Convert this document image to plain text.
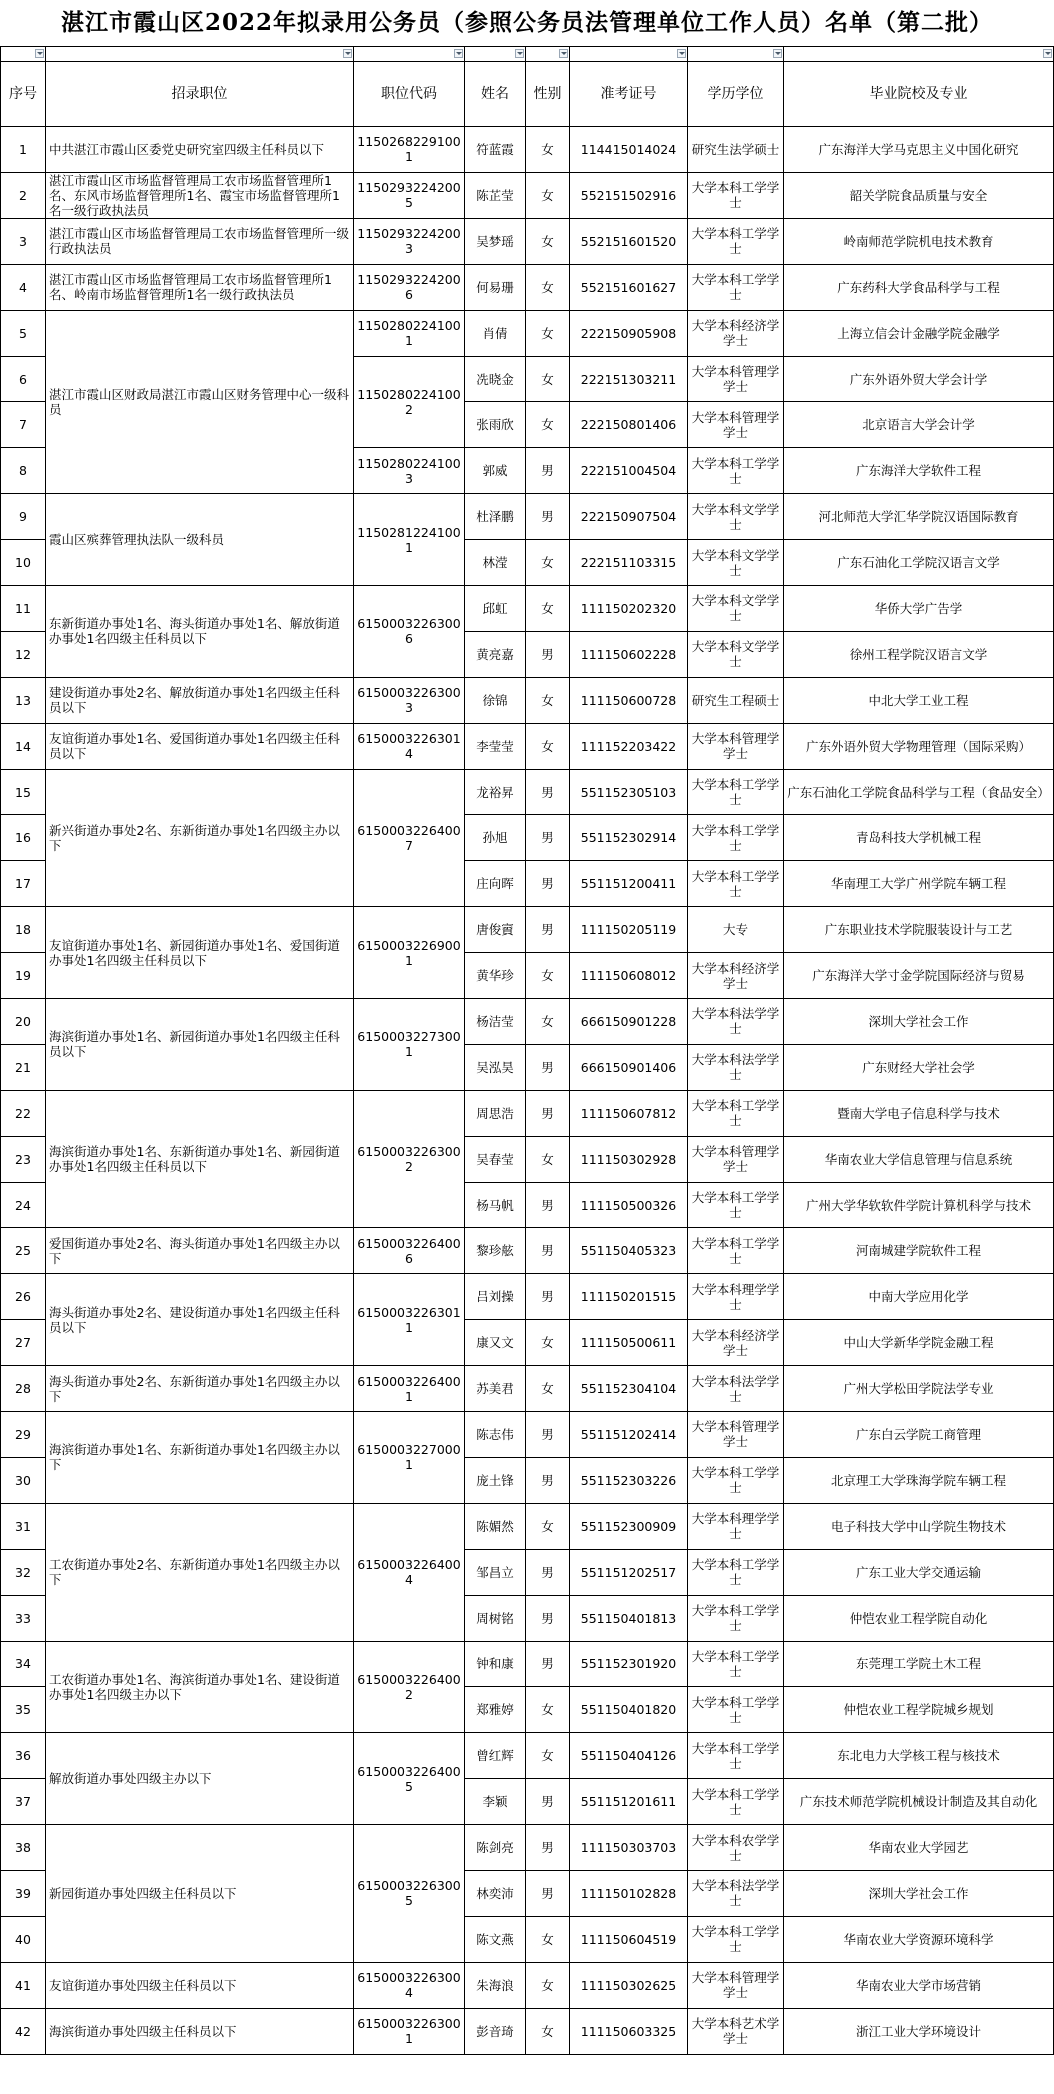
湛江市霞山区2022年拟录用公务员（参照公务员法管理单位工作人员）名单（第二批）

序号	招录职位	职位代码	姓名	性别	准考证号	学历学位	毕业院校及专业
1	中共湛江市霞山区委党史研究室四级主任科员以下	11502682291001	符蓝霞	女	114415014024	研究生法学硕士	广东海洋大学马克思主义中国化研究
2	湛江市霞山区市场监督管理局工农市场监督管理所1名、东风市场监督管理所1名、霞宝市场监督管理所1名一级行政执法员	11502932242005	陈芷莹	女	552151502916	大学本科工学学士	韶关学院食品质量与安全
3	湛江市霞山区市场监督管理局工农市场监督管理所一级行政执法员	11502932242003	吴梦瑶	女	552151601520	大学本科工学学士	岭南师范学院机电技术教育
4	湛江市霞山区市场监督管理局工农市场监督管理所1名、岭南市场监督管理所1名一级行政执法员	11502932242006	何易珊	女	552151601627	大学本科工学学士	广东药科大学食品科学与工程
5	湛江市霞山区财政局湛江市霞山区财务管理中心一级科员	11502802241001	肖倩	女	222150905908	大学本科经济学学士	上海立信会计金融学院金融学
6		11502802241002	冼晓金	女	222151303211	大学本科管理学学士	广东外语外贸大学会计学
7			张雨欣	女	222150801406	大学本科管理学学士	北京语言大学会计学
8		11502802241003	郭威	男	222151004504	大学本科工学学士	广东海洋大学软件工程
9	霞山区殡葬管理执法队一级科员	11502812241001	杜泽鹏	男	222150907504	大学本科文学学士	河北师范大学汇华学院汉语国际教育
10			林滢	女	222151103315	大学本科文学学士	广东石油化工学院汉语言文学
11	东新街道办事处1名、海头街道办事处1名、解放街道办事处1名四级主任科员以下	61500032263006	邱虹	女	111150202320	大学本科文学学士	华侨大学广告学
12			黄亮嘉	男	111150602228	大学本科文学学士	徐州工程学院汉语言文学
13	建设街道办事处2名、解放街道办事处1名四级主任科员以下	61500032263003	徐锦	女	111150600728	研究生工程硕士	中北大学工业工程
14	友谊街道办事处1名、爱国街道办事处1名四级主任科员以下	61500032263014	李莹莹	女	111152203422	大学本科管理学学士	广东外语外贸大学物理管理（国际采购）
15	新兴街道办事处2名、东新街道办事处1名四级主办以下	61500032264007	龙裕昇	男	551152305103	大学本科工学学士	广东石油化工学院食品科学与工程（食品安全）
16			孙旭	男	551152302914	大学本科工学学士	青岛科技大学机械工程
17			庄向晖	男	551151200411	大学本科工学学士	华南理工大学广州学院车辆工程
18	友谊街道办事处1名、新园街道办事处1名、爱国街道办事处1名四级主任科员以下	61500032269001	唐俊賨	男	111150205119	大专	广东职业技术学院服装设计与工艺
19			黄华珍	女	111150608012	大学本科经济学学士	广东海洋大学寸金学院国际经济与贸易
20	海滨街道办事处1名、新园街道办事处1名四级主任科员以下	61500032273001	杨洁莹	女	666150901228	大学本科法学学士	深圳大学社会工作
21			吴泓昊	男	666150901406	大学本科法学学士	广东财经大学社会学
22	海滨街道办事处1名、东新街道办事处1名、新园街道办事处1名四级主任科员以下	61500032263002	周思浩	男	111150607812	大学本科工学学士	暨南大学电子信息科学与技术
23			吴春莹	女	111150302928	大学本科管理学学士	华南农业大学信息管理与信息系统
24			杨马帆	男	111150500326	大学本科工学学士	广州大学华软软件学院计算机科学与技术
25	爱国街道办事处2名、海头街道办事处1名四级主办以下	61500032264006	黎珍舷	男	551150405323	大学本科工学学士	河南城建学院软件工程
26	海头街道办事处2名、建设街道办事处1名四级主任科员以下	61500032263011	吕刘操	男	111150201515	大学本科理学学士	中南大学应用化学
27			康又文	女	111150500611	大学本科经济学学士	中山大学新华学院金融工程
28	海头街道办事处2名、东新街道办事处1名四级主办以下	61500032264001	苏美君	女	551152304104	大学本科法学学士	广州大学松田学院法学专业
29	海滨街道办事处1名、东新街道办事处1名四级主办以下	61500032270001	陈志伟	男	551151202414	大学本科管理学学士	广东白云学院工商管理
30			庞土锋	男	551152303226	大学本科工学学士	北京理工大学珠海学院车辆工程
31	工农街道办事处2名、东新街道办事处1名四级主办以下	61500032264004	陈媚然	女	551152300909	大学本科理学学士	电子科技大学中山学院生物技术
32			邹昌立	男	551151202517	大学本科工学学士	广东工业大学交通运输
33			周树铭	男	551150401813	大学本科工学学士	仲恺农业工程学院自动化
34	工农街道办事处1名、海滨街道办事处1名、建设街道办事处1名四级主办以下	61500032264002	钟和康	男	551152301920	大学本科工学学士	东莞理工学院土木工程
35			郑雅婷	女	551150401820	大学本科工学学士	仲恺农业工程学院城乡规划
36	解放街道办事处四级主办以下	61500032264005	曾红辉	女	551150404126	大学本科工学学士	东北电力大学核工程与核技术
37			李颖	男	551151201611	大学本科工学学士	广东技术师范学院机械设计制造及其自动化
38	新园街道办事处四级主任科员以下	61500032263005	陈剑亮	男	111150303703	大学本科农学学士	华南农业大学园艺
39			林奕沛	男	111150102828	大学本科法学学士	深圳大学社会工作
40			陈文燕	女	111150604519	大学本科工学学士	华南农业大学资源环境科学
41	友谊街道办事处四级主任科员以下	61500032263004	朱海浪	女	111150302625	大学本科管理学学士	华南农业大学市场营销
42	海滨街道办事处四级主任科员以下	61500032263001	彭音琦	女	111150603325	大学本科艺术学学士	浙江工业大学环境设计
